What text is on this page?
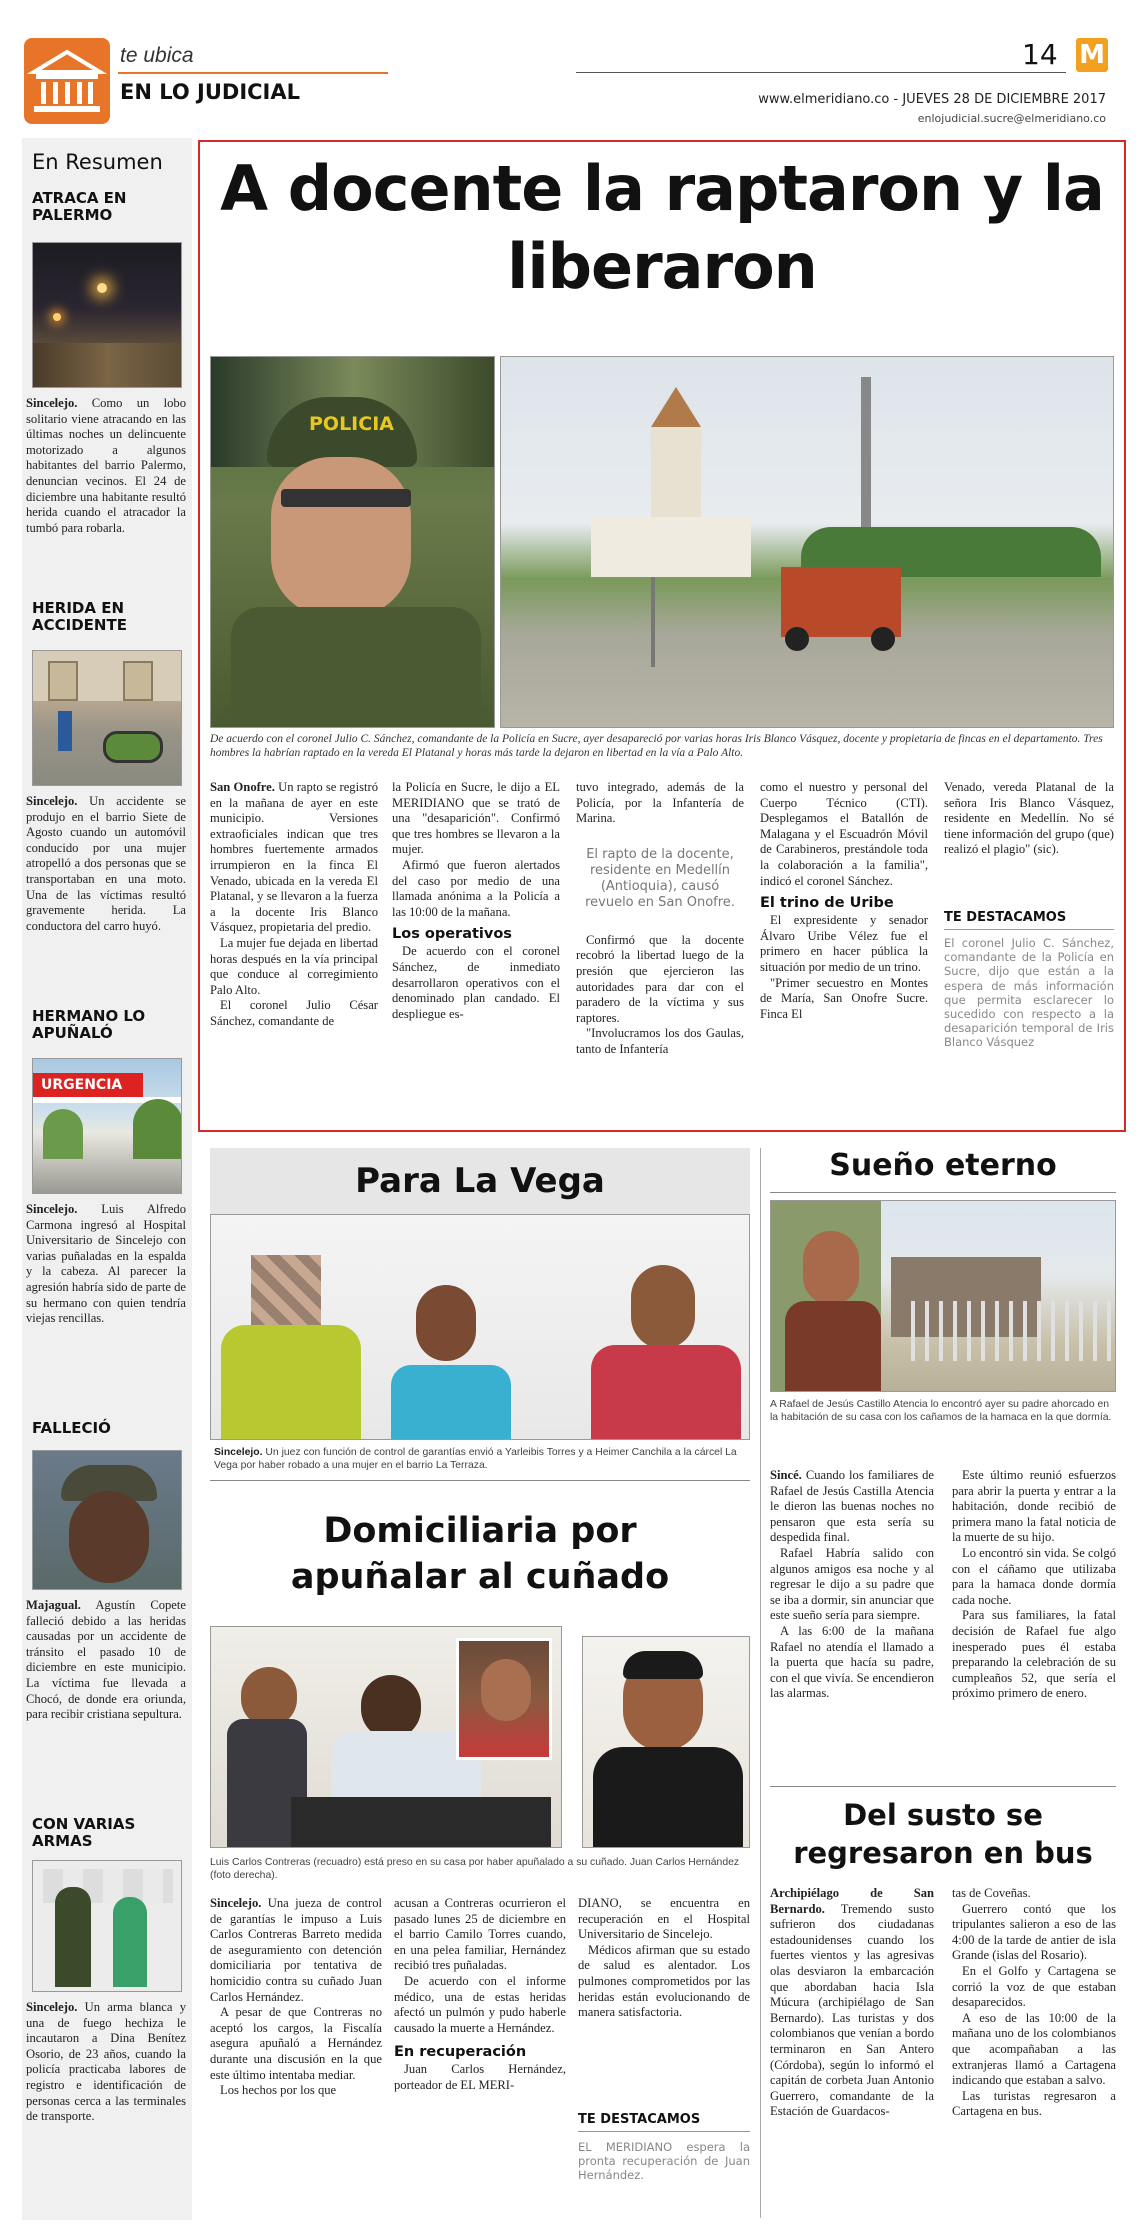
te ubica
EN LO JUDICIAL
14 M
www.elmeridiano.co - JUEVES 28 DE DICIEMBRE 2017
enlojudicial.sucre@elmeridiano.co
En Resumen
ATRACA EN PALERMO

Sincelejo. Como un lobo solitario viene atracando en las últimas noches un delincuente motorizado a algunos habitantes del barrio Palermo, denuncian vecinos. El 24 de diciembre una habitante resultó herida cuando el atracador la tumbó para robarla.

HERIDA EN ACCIDENTE

Sincelejo. Un accidente se produjo en el barrio Siete de Agosto cuando un automóvil conducido por una mujer atropelló a dos personas que se transportaban en una moto. Una de las víctimas resultó gravemente herida. La conductora del carro huyó.

HERMANO LO APUÑALÓ
URGENCIA

Sincelejo. Luis Alfredo Carmona ingresó al Hospital Universitario de Sincelejo con varias puñaladas en la espalda y la cabeza. Al parecer la agresión habría sido de parte de su hermano con quien tendría viejas rencillas.

FALLECIÓ

Majagual. Agustín Copete falleció debido a las heridas causadas por un accidente de tránsito el pasado 10 de diciembre en este municipio. La víctima fue llevada a Chocó, de donde era oriunda, para recibir cristiana sepultura.

CON VARIAS ARMAS

Sincelejo. Un arma blanca y una de fuego hechiza le incautaron a Dina Benítez Osorio, de 23 años, cuando la policía practicaba labores de registro e identificación de personas cerca a las terminales de transporte.

A docente la raptaron y la liberaron
POLICIA

De acuerdo con el coronel Julio C. Sánchez, comandante de la Policía en Sucre, ayer desapareció por varias horas Iris Blanco Vásquez, docente y propietaria de fincas en el departamento. Tres hombres la habrían raptado en la vereda El Platanal y horas más tarde la dejaron en libertad en la vía a Palo Alto.

San Onofre. Un rapto se registró en la mañana de ayer en este municipio. Versiones extraoficiales indican que tres hombres fuertemente armados irrumpieron en la finca El Venado, ubicada en la vereda El Platanal, y se llevaron a la fuerza a la docente Iris Blanco Vásquez, propietaria del predio.

La mujer fue dejada en libertad horas después en la vía principal que conduce al corregimiento Palo Alto.

El coronel Julio César Sánchez, comandante de

la Policía en Sucre, le dijo a EL MERIDIANO que se trató de una "desaparición". Confirmó que tres hombres se llevaron a la mujer.

Afirmó que fueron alertados del caso por medio de una llamada anónima a la Policía a las 10:00 de la mañana.

Los operativos

De acuerdo con el coronel Sánchez, de inmediato desarrollaron operativos con el denominado plan candado. El despliegue es-

tuvo integrado, además de la Policía, por la Infantería de Marina.

El rapto de la docente, residente en Medellín (Antioquia), causó revuelo en San Onofre.

Confirmó que la docente recobró la libertad luego de la presión que ejercieron las autoridades para dar con el paradero de la víctima y sus raptores.

"Involucramos los dos Gaulas, tanto de Infantería

como el nuestro y personal del Cuerpo Técnico (CTI). Desplegamos el Batallón de Malagana y el Escuadrón Móvil de Carabineros, prestándole toda la colaboración a la familia", indicó el coronel Sánchez.

El trino de Uribe

El expresidente y senador Álvaro Uribe Vélez fue el primero en hacer pública la situación por medio de un trino.

"Primer secuestro en Montes de María, San Onofre Sucre. Finca El

Venado, vereda Platanal de la señora Iris Blanco Vásquez, residente en Medellín. No sé tiene información del grupo (que) realizó el plagio" (sic).

TE DESTACAMOS

El coronel Julio C. Sánchez, comandante de la Policía en Sucre, dijo que están a la espera de más información que permita esclarecer lo sucedido con respecto a la desaparición temporal de Iris Blanco Vásquez

Para La Vega

Sincelejo. Un juez con función de control de garantías envió a Yarleibis Torres y a Heimer Canchila a la cárcel La Vega por haber robado a una mujer en el barrio La Terraza.

Sueño eterno

A Rafael de Jesús Castillo Atencia lo encontró ayer su padre ahorcado en la habitación de su casa con los cañamos de la hamaca en la que dormía.

Sincé. Cuando los familiares de Rafael de Jesús Castilla Atencia le dieron las buenas noches no pensaron que esta sería su despedida final.

Rafael Habría salido con algunos amigos esa noche y al regresar le dijo a su padre que se iba a dormir, sin anunciar que este sueño sería para siempre.

A las 6:00 de la mañana Rafael no atendía el llamado a la puerta que hacía su padre, con el que vivía. Se encendieron las alarmas.

Este último reunió esfuerzos para abrir la puerta y entrar a la habitación, donde recibió de primera mano la fatal noticia de la muerte de su hijo.

Lo encontró sin vida. Se colgó con el cáñamo que utilizaba para la hamaca donde dormía cada noche.

Para sus familiares, la fatal decisión de Rafael fue algo inesperado pues él estaba preparando la celebración de su cumpleaños 52, que sería el próximo primero de enero.

Del susto se regresaron en bus

Archipiélago de San Bernardo. Tremendo susto sufrieron dos ciudadanas estadounidenses cuando los fuertes vientos y las agresivas olas desviaron la embarcación que abordaban hacia Isla Múcura (archipiélago de San Bernardo). Las turistas y dos colombianos que venían a bordo terminaron en San Antero (Córdoba), según lo informó el capitán de corbeta Juan Antonio Guerrero, comandante de la Estación de Guardacos-

tas de Coveñas.

Guerrero contó que los tripulantes salieron a eso de las 4:00 de la tarde de antier de isla Grande (islas del Rosario).

En el Golfo y Cartagena se corrió la voz de que estaban desaparecidos.

A eso de las 10:00 de la mañana uno de los colombianos que acompañaban a las extranjeras llamó a Cartagena indicando que estaban a salvo.

Las turistas regresaron a Cartagena en bus.

Domiciliaria por apuñalar al cuñado

Luis Carlos Contreras (recuadro) está preso en su casa por haber apuñalado a su cuñado. Juan Carlos Hernández (foto derecha).

Sincelejo. Una jueza de control de garantías le impuso a Luis Carlos Contreras Barreto medida de aseguramiento con detención domiciliaria por tentativa de homicidio contra su cuñado Juan Carlos Hernández.

A pesar de que Contreras no aceptó los cargos, la Fiscalía asegura apuñaló a Hernández durante una discusión en la que este último intentaba mediar.

Los hechos por los que

acusan a Contreras ocurrieron el pasado lunes 25 de diciembre en el barrio Camilo Torres cuando, en una pelea familiar, Hernández recibió tres puñaladas.

De acuerdo con el informe médico, una de estas heridas afectó un pulmón y pudo haberle causado la muerte a Hernández.

En recuperación

Juan Carlos Hernández, porteador de EL MERI-

DIANO, se encuentra en recuperación en el Hospital Universitario de Sincelejo.

Médicos afirman que su estado de salud es alentador. Los pulmones comprometidos por las heridas están evolucionando de manera satisfactoria.

TE DESTACAMOS

EL MERIDIANO espera la pronta recuperación de Juan Hernández.
